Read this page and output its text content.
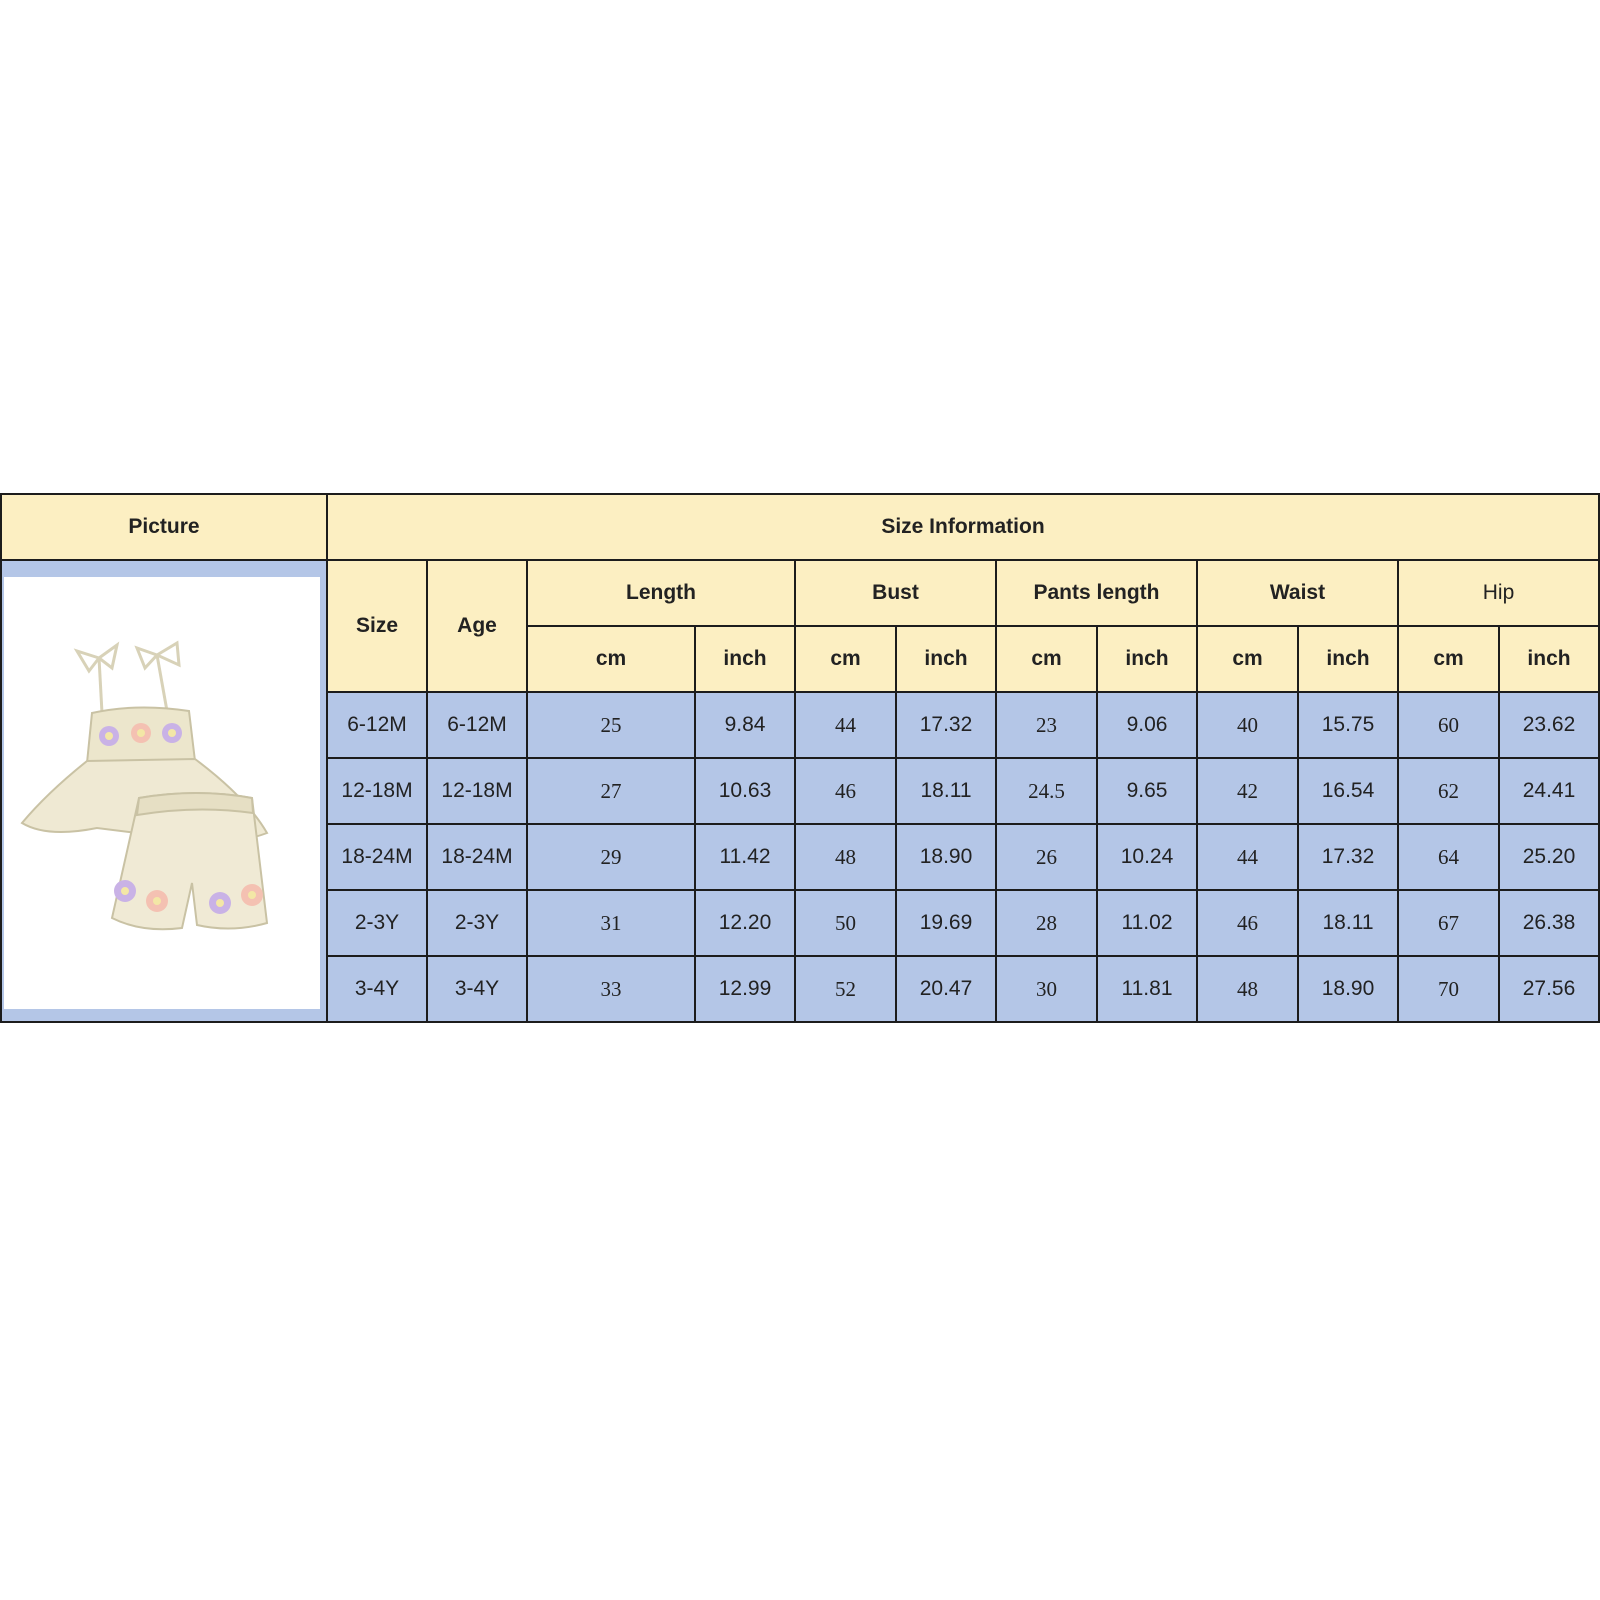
Picture	Size Information											

	Size	Age	Length		Bust		Pants length		Waist		Hip	
			cm	inch	cm	inch	cm	inch	cm	inch	cm	inch
	6-12M	6-12M	25	9.84	44	17.32	23	9.06	40	15.75	60	23.62
	12-18M	12-18M	27	10.63	46	18.11	24.5	9.65	42	16.54	62	24.41
	18-24M	18-24M	29	11.42	48	18.90	26	10.24	44	17.32	64	25.20
	2-3Y	2-3Y	31	12.20	50	19.69	28	11.02	46	18.11	67	26.38
	3-4Y	3-4Y	33	12.99	52	20.47	30	11.81	48	18.90	70	27.56
